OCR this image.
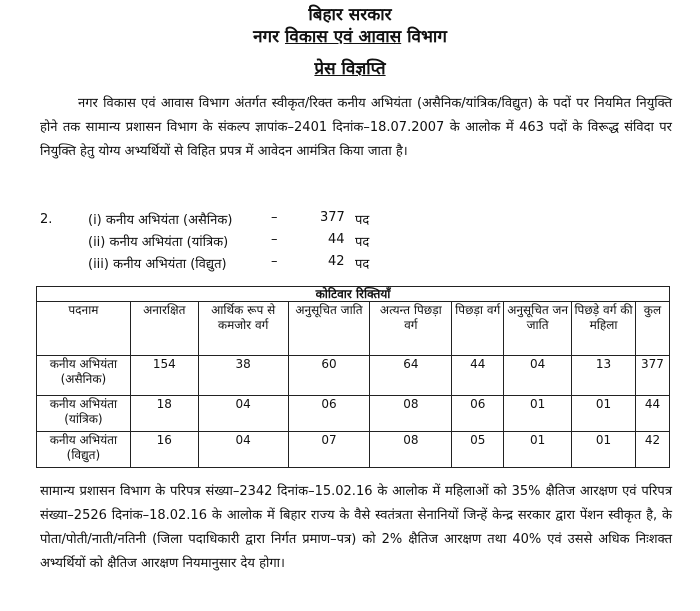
बिहार सरकार
नगर विकास एवं आवास विभाग
प्रेस विज्ञप्ति
नगर विकास एवं आवास विभाग अंतर्गत स्वीकृत/रिक्त कनीय अभियंता (असैनिक/यांत्रिक/विद्युत) के पदों पर नियमित नियुक्ति होने तक सामान्य प्रशासन विभाग के संकल्प ज्ञापांक–2401 दिनांक–18.07.2007 के आलोक में 463 पदों के विरूद्ध संविदा पर नियुक्ति हेतु योग्य अभ्यर्थियों से विहित प्रपत्र में आवेदन आमंत्रित किया जाता है।
2.	(i) कनीय अभियंता (असैनिक)	–	377 पद
(ii) कनीय अभियंता (यांत्रिक)	–	44 पद
(iii) कनीय अभियंता (विद्युत)	–	42 पद
कोटिवार रिक्तियाँ								
पदनाम	अनारक्षित	आर्थिक रूप से कमजोर वर्ग	अनुसूचित जाति	अत्यन्त पिछड़ा वर्ग	पिछड़ा वर्ग	अनुसूचित जन जाति	पिछड़े वर्ग की महिला	कुल
कनीय अभियंता (असैनिक)	154	38	60	64	44	04	13	377
कनीय अभियंता (यांत्रिक)	18	04	06	08	06	01	01	44
कनीय अभियंता (विद्युत)	16	04	07	08	05	01	01	42
सामान्य प्रशासन विभाग के परिपत्र संख्या–2342 दिनांक–15.02.16 के आलोक में महिलाओं को 35% क्षैतिज आरक्षण एवं परिपत्र संख्या–2526 दिनांक–18.02.16 के आलोक में बिहार राज्य के वैसे स्वतंत्रता सेनानियों जिन्हें केन्द्र सरकार द्वारा पेंशन स्वीकृत है, के पोता/पोती/नाती/नतिनी (जिला पदाधिकारी द्वारा निर्गत प्रमाण–पत्र) को 2% क्षैतिज आरक्षण तथा 40% एवं उससे अधिक निःशक्त अभ्यर्थियों को क्षैतिज आरक्षण नियमानुसार देय होगा।
